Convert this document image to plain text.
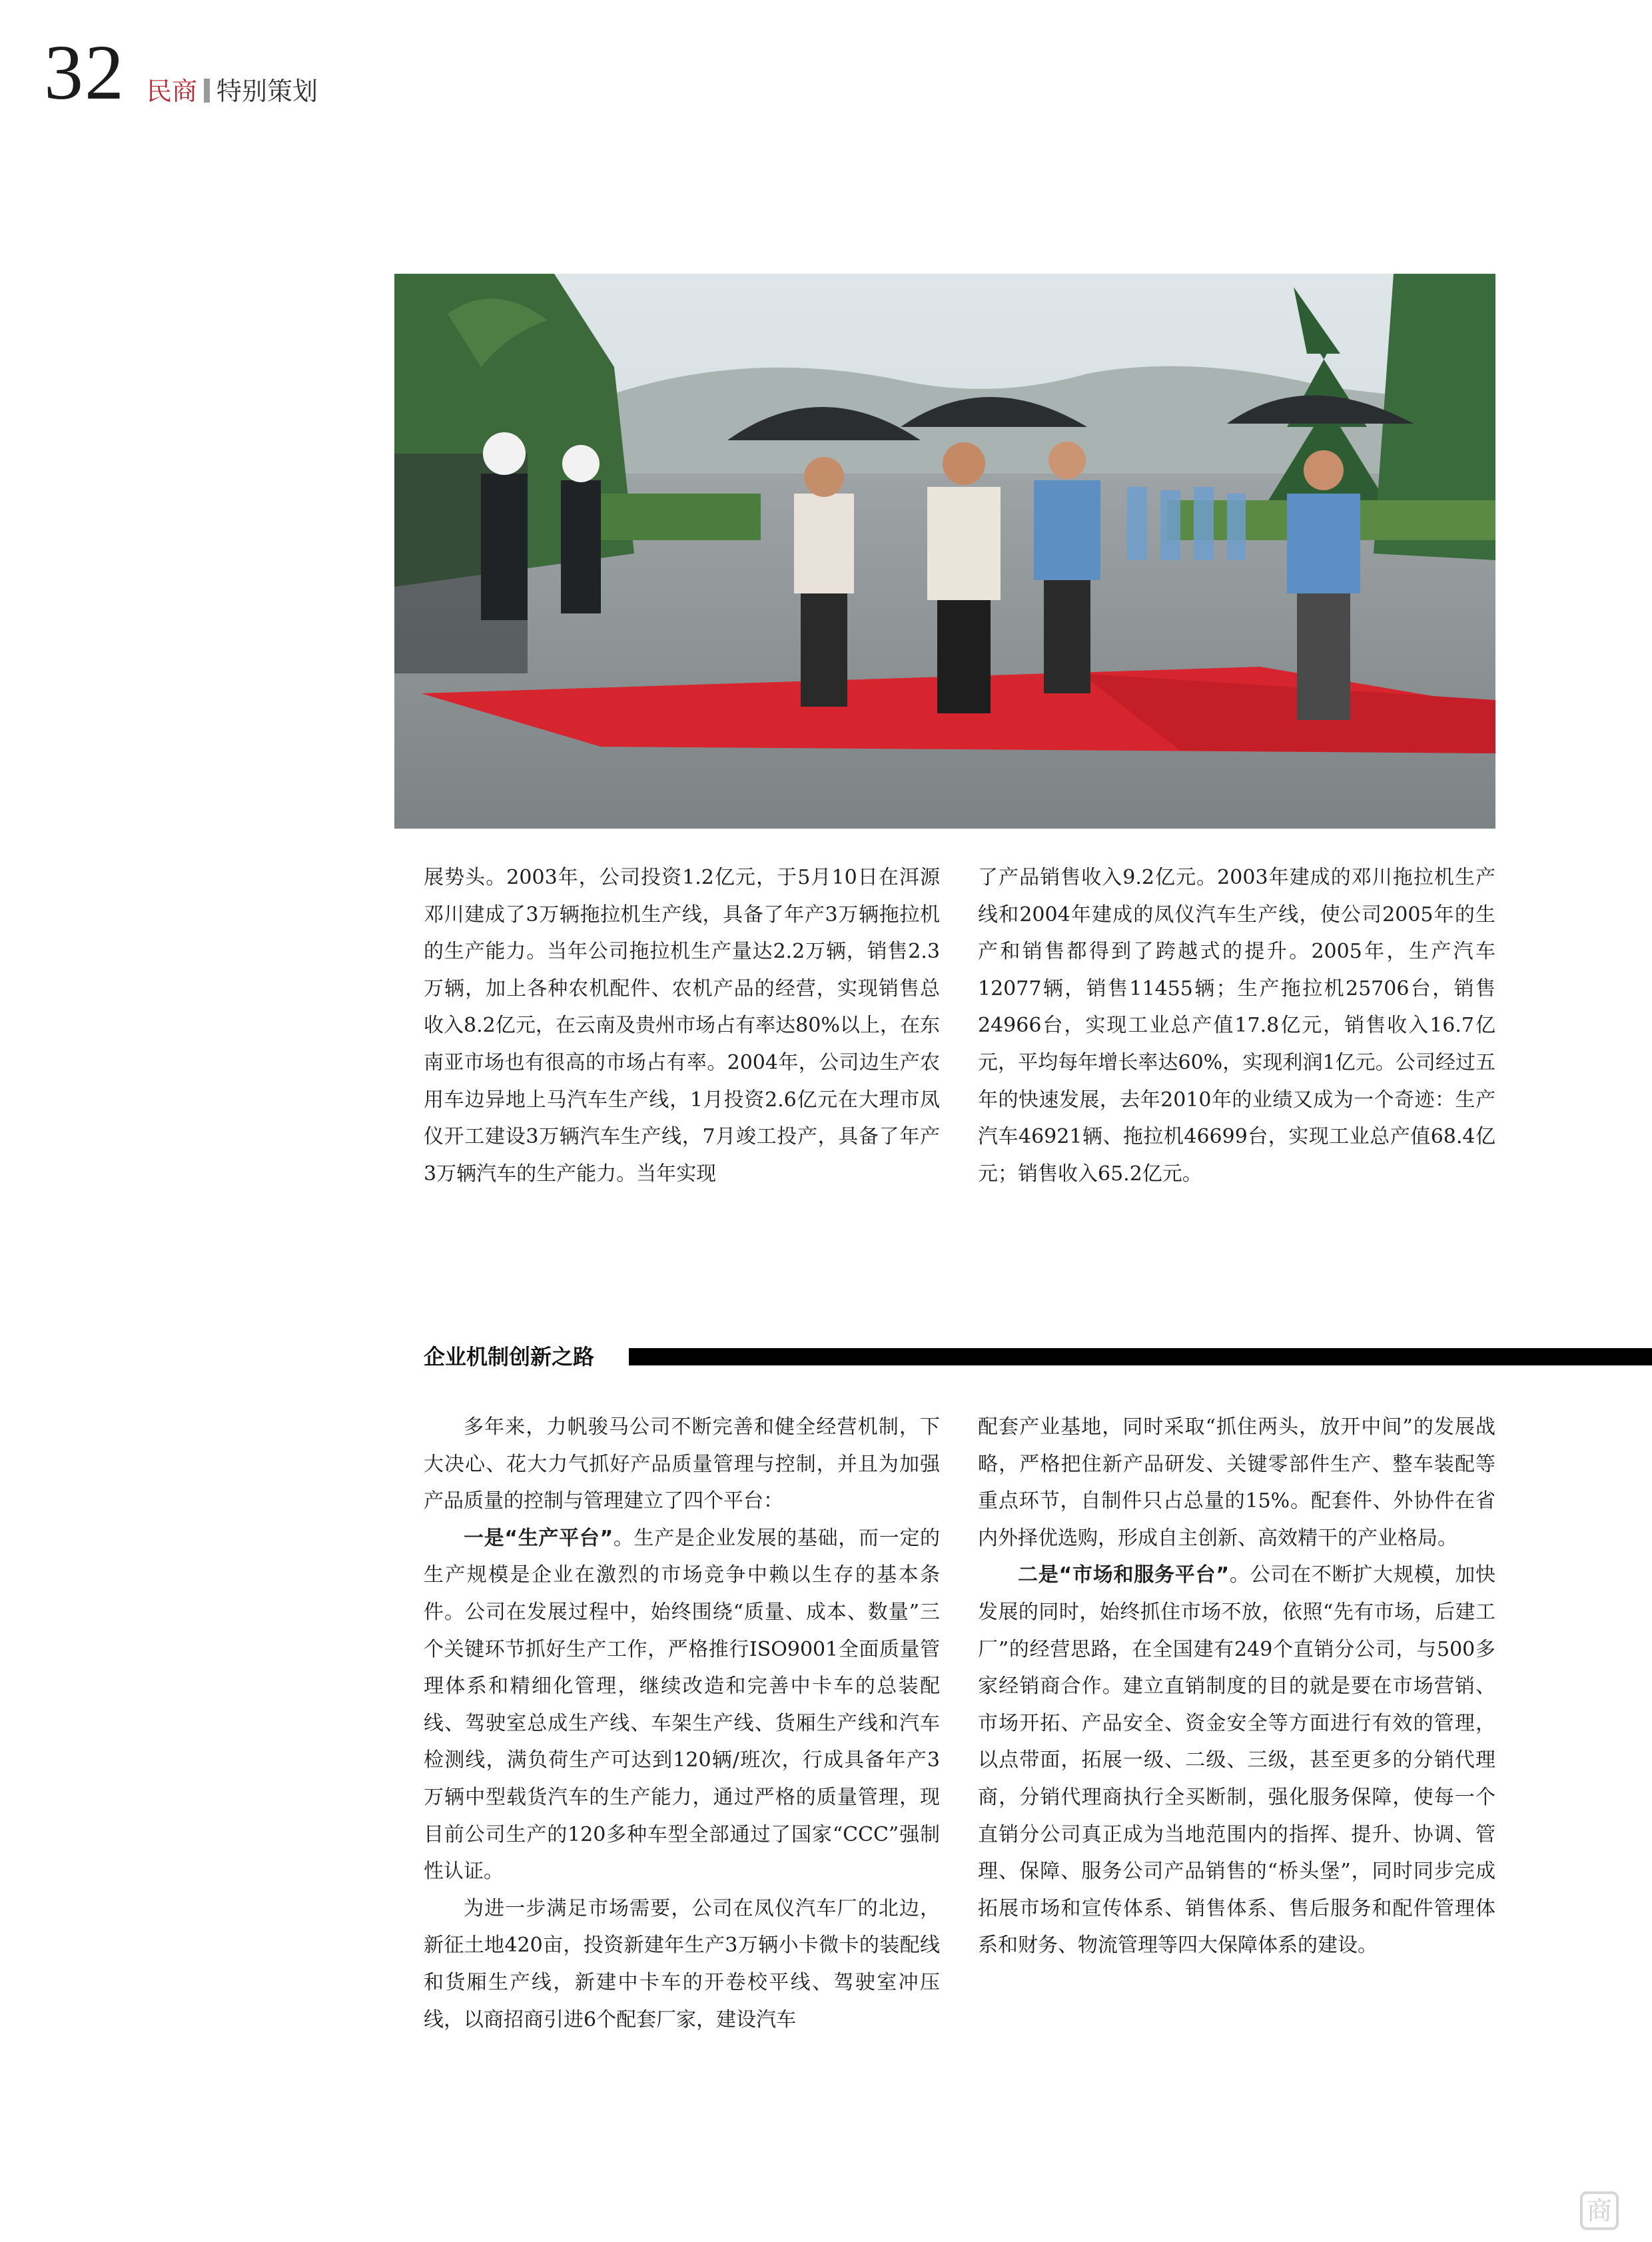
32 民商 特别策划

展势头。2003年，公司投资1.2亿元，于5月10日在洱源邓川建成了3万辆拖拉机生产线，具备了年产3万辆拖拉机的生产能力。当年公司拖拉机生产量达2.2万辆，销售2.3万辆，加上各种农机配件、农机产品的经营，实现销售总收入8.2亿元，在云南及贵州市场占有率达80%以上，在东南亚市场也有很高的市场占有率。2004年，公司边生产农用车边异地上马汽车生产线，1月投资2.6亿元在大理市凤仪开工建设3万辆汽车生产线，7月竣工投产，具备了年产3万辆汽车的生产能力。当年实现

了产品销售收入9.2亿元。2003年建成的邓川拖拉机生产线和2004年建成的凤仪汽车生产线，使公司2005年的生产和销售都得到了跨越式的提升。2005年，生产汽车12077辆，销售11455辆；生产拖拉机25706台，销售24966台，实现工业总产值17.8亿元，销售收入16.7亿元，平均每年增长率达60%，实现利润1亿元。公司经过五年的快速发展，去年2010年的业绩又成为一个奇迹：生产汽车46921辆、拖拉机46699台，实现工业总产值68.4亿元；销售收入65.2亿元。

企业机制创新之路

多年来，力帆骏马公司不断完善和健全经营机制，下大决心、花大力气抓好产品质量管理与控制，并且为加强产品质量的控制与管理建立了四个平台：

一是“生产平台”。生产是企业发展的基础，而一定的生产规模是企业在激烈的市场竞争中赖以生存的基本条件。公司在发展过程中，始终围绕“质量、成本、数量”三个关键环节抓好生产工作，严格推行ISO9001全面质量管理体系和精细化管理，继续改造和完善中卡车的总装配线、驾驶室总成生产线、车架生产线、货厢生产线和汽车检测线，满负荷生产可达到120辆/班次，行成具备年产3万辆中型载货汽车的生产能力，通过严格的质量管理，现目前公司生产的120多种车型全部通过了国家“CCC”强制性认证。

为进一步满足市场需要，公司在凤仪汽车厂的北边，新征土地420亩，投资新建年生产3万辆小卡微卡的装配线和货厢生产线，新建中卡车的开卷校平线、驾驶室冲压线，以商招商引进6个配套厂家，建设汽车

配套产业基地，同时采取“抓住两头，放开中间”的发展战略，严格把住新产品研发、关键零部件生产、整车装配等重点环节，自制件只占总量的15%。配套件、外协件在省内外择优选购，形成自主创新、高效精干的产业格局。

二是“市场和服务平台”。公司在不断扩大规模，加快发展的同时，始终抓住市场不放，依照“先有市场，后建工厂”的经营思路，在全国建有249个直销分公司，与500多家经销商合作。建立直销制度的目的就是要在市场营销、市场开拓、产品安全、资金安全等方面进行有效的管理，以点带面，拓展一级、二级、三级，甚至更多的分销代理商，分销代理商执行全买断制，强化服务保障，使每一个直销分公司真正成为当地范围内的指挥、提升、协调、管理、保障、服务公司产品销售的“桥头堡”，同时同步完成拓展市场和宣传体系、销售体系、售后服务和配件管理体系和财务、物流管理等四大保障体系的建设。

商
